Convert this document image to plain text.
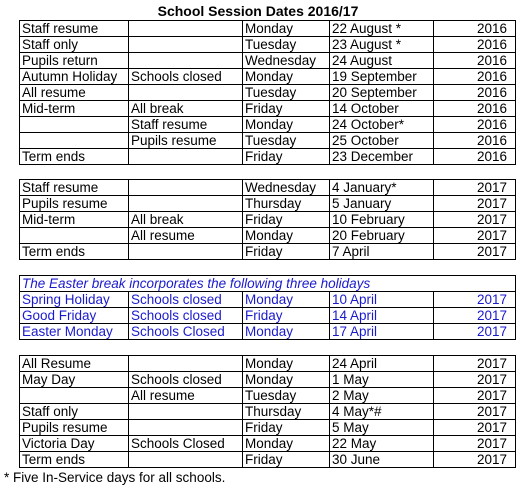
School Session Dates 2016/17
Staff resume		Monday	22 August *	2016
Staff only		Tuesday	23 August *	2016
Pupils return		Wednesday	24 August	2016
Autumn Holiday	Schools closed	Monday	19 September	2016
All resume		Tuesday	20 September	2016
Mid-term	All break	Friday	14 October	2016
	Staff resume	Monday	24 October*	2016
	Pupils resume	Tuesday	25 October	2016
Term ends		Friday	23 December	2016
Staff resume		Wednesday	4 January*	2017
Pupils resume		Thursday	5 January	2017
Mid-term	All break	Friday	10 February	2017
	All resume	Monday	20 February	2017
Term ends		Friday	7 April	2017
The Easter break incorporates the following three holidays				
Spring Holiday	Schools closed	Monday	10 April	2017
Good Friday	Schools closed	Friday	14 April	2017
Easter Monday	Schools Closed	Monday	17 April	2017
All Resume		Monday	24 April	2017
May Day	Schools closed	Monday	1 May	2017
	All resume	Tuesday	2 May	2017
Staff only		Thursday	4 May*#	2017
Pupils resume		Friday	5 May	2017
Victoria Day	Schools Closed	Monday	22 May	2017
Term ends		Friday	30 June	2017
* Five In-Service days for all schools.
